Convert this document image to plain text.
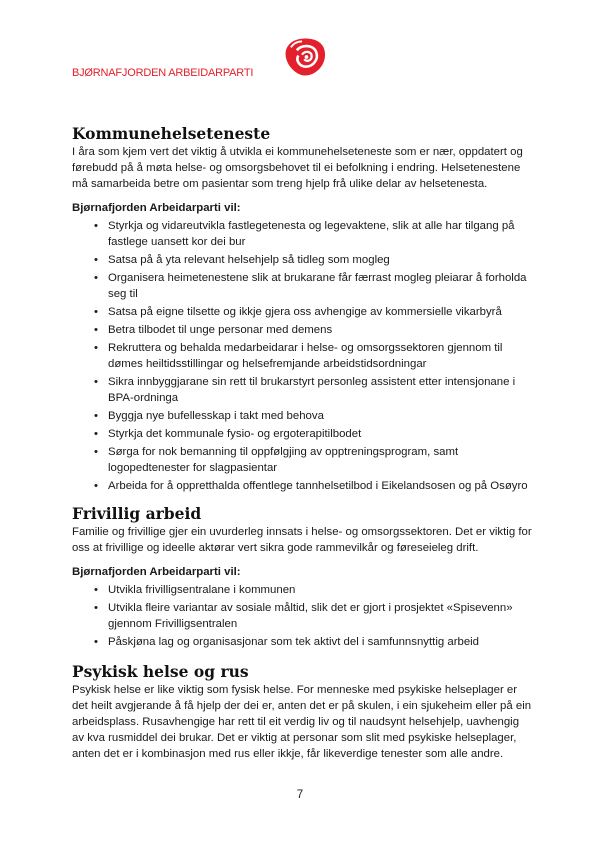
BJØRNAFJORDEN ARBEIDARPARTI
Kommunehelseteneste

I åra som kjem vert det viktig å utvikla ei kommunehelseteneste som er nær, oppdatert og førebudd på å møta helse- og omsorgsbehovet til ei befolkning i endring. Helsetenestene må samarbeida betre om pasientar som treng hjelp frå ulike delar av helsetenesta.

Bjørnafjorden Arbeidarparti vil:

• Styrkja og vidareutvikla fastlegetenesta og legevaktene, slik at alle har tilgang på fastlege uansett kor dei bur
• Satsa på å yta relevant helsehjelp så tidleg som mogleg
• Organisera heimetenestene slik at brukarane får færrast mogleg pleiarar å forholda seg til
• Satsa på eigne tilsette og ikkje gjera oss avhengige av kommersielle vikarbyrå
• Betra tilbodet til unge personar med demens
• Rekruttera og behalda medarbeidarar i helse- og omsorgssektoren gjennom til dømes heiltidsstillingar og helsefremjande arbeidstidsordningar
• Sikra innbyggjarane sin rett til brukarstyrt personleg assistent etter intensjonane i BPA-ordninga
• Byggja nye bufellesskap i takt med behova
• Styrkja det kommunale fysio- og ergoterapitilbodet
• Sørga for nok bemanning til oppfølgjing av opptreningsprogram, samt logopedtenester for slagpasientar
• Arbeida for å oppretthalda offentlege tannhelsetilbod i Eikelandsosen og på Osøyro
Frivillig arbeid

Familie og frivillige gjer ein uvurderleg innsats i helse- og omsorgssektoren. Det er viktig for oss at frivillige og ideelle aktørar vert sikra gode rammevilkår og føreseieleg drift.

Bjørnafjorden Arbeidarparti vil:

• Utvikla frivilligsentralane i kommunen
• Utvikla fleire variantar av sosiale måltid, slik det er gjort i prosjektet «Spisevenn» gjennom Frivilligsentralen
• Påskjøna lag og organisasjonar som tek aktivt del i samfunnsnyttig arbeid
Psykisk helse og rus

Psykisk helse er like viktig som fysisk helse. For menneske med psykiske helseplager er det heilt avgjerande å få hjelp der dei er, anten det er på skulen, i ein sjukeheim eller på ein arbeidsplass. Rusavhengige har rett til eit verdig liv og til naudsynt helsehjelp, uavhengig av kva rusmiddel dei brukar. Det er viktig at personar som slit med psykiske helseplager, anten det er i kombinasjon med rus eller ikkje, får likeverdige tenester som alle andre.

7
